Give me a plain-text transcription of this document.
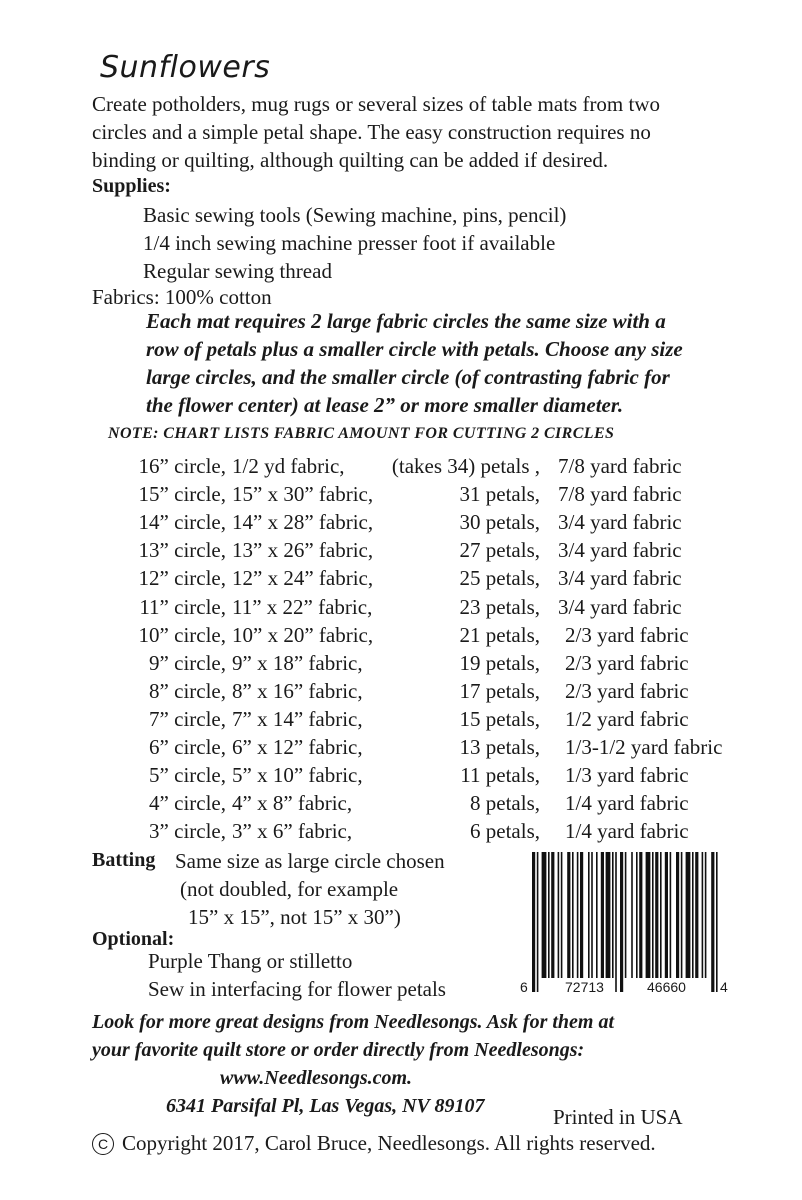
Sunflowers
Create potholders, mug rugs or several sizes of table mats from two
circles and a simple petal shape. The easy construction requires no
binding or quilting, although quilting can be added if desired.
Supplies:
Basic sewing tools (Sewing machine, pins, pencil)
1/4 inch sewing machine presser foot if available
Regular sewing thread
Fabrics: 100% cotton
Each mat requires 2 large fabric circles the same size with a
row of petals plus a smaller circle with petals. Choose any size
large circles, and the smaller circle (of contrasting fabric for
the flower center) at lease 2” or more smaller diameter.
NOTE: CHART LISTS FABRIC AMOUNT FOR CUTTING 2 CIRCLES
16” circle, 1/2 yd fabric, (takes 34) petals , 7/8 yard fabric
15” circle, 15” x 30” fabric,	31 petals, 7/8 yard fabric
14” circle, 14” x 28” fabric,	30 petals, 3/4 yard fabric
13” circle, 13” x 26” fabric,	27 petals, 3/4 yard fabric
12” circle, 12” x 24” fabric,	25 petals, 3/4 yard fabric
11” circle, 11” x 22” fabric,	23 petals, 3/4 yard fabric
10” circle, 10” x 20” fabric,	21 petals, 2/3 yard fabric
9” circle, 9” x 18” fabric,	19 petals, 2/3 yard fabric
8” circle, 8” x 16” fabric,	17 petals, 2/3 yard fabric
7” circle, 7” x 14” fabric,	15 petals, 1/2 yard fabric
6” circle, 6” x 12” fabric,	13 petals, 1/3-1/2 yard fabric
5” circle, 5” x 10” fabric,	11 petals, 1/3 yard fabric
4” circle, 4” x 8” fabric,	8 petals, 1/4 yard fabric
3” circle, 3” x 6” fabric,	6 petals, 1/4 yard fabric
Batting Same size as large circle chosen
(not doubled, for example
15” x 15”, not 15” x 30”)
Optional:
Purple Thang or stilletto
Sew in interfacing for flower petals	6	72713	46660 4
Look for more great designs from Needlesongs. Ask for them at
your favorite quilt store or order directly from Needlesongs:
www.Needlesongs.com.
6341 Parsifal Pl, Las Vegas, NV 89107	Printed in USA
C Copyright 2017, Carol Bruce, Needlesongs. All rights reserved.
